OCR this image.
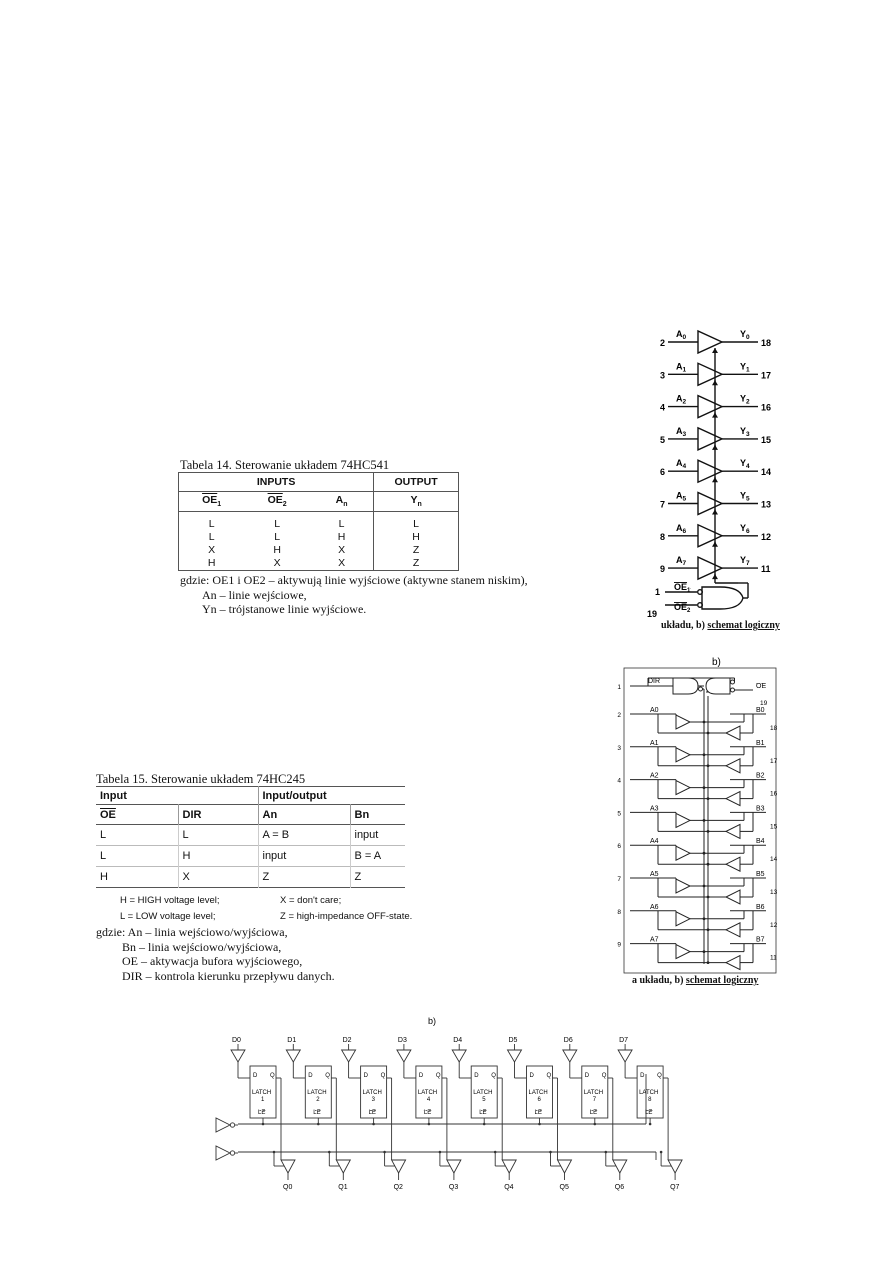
Tabela 14. Sterowanie układem 74HC541
INPUTS			OUTPUT
$\overline{OE}_1$	$\overline{OE}_2$	$A_n$	$Y_n$

L	L	L	L
L	L	H	H
X	H	X	Z
H	X	X	Z
gdzie: OE1 i OE2 – aktywują linie wyjściowe (aktywne stanem niskim),
An – linie wejściowe,
Yn – trójstanowe linie wyjściowe.
Tabela 15. Sterowanie układem 74HC245
Input		Input/output	
$\overline{OE}$	DIR	An	Bn
L	L	A = B	input
L	H	input	B = A
H	X	Z	Z
H = HIGH voltage level;	X = don't care;
L = LOW voltage level;	Z = high-impedance OFF-state.
gdzie: An – linia wejściowo/wyjściowa,
Bn – linia wejściowo/wyjściowa,
OE – aktywacja bufora wyjściowego,
DIR – kontrola kierunku przepływu danych.
2
$A_0$	$Y_0$
18
3
$A_1$	$Y_1$
17
4
$A_2$	$Y_2$
16
5
$A_3$	$Y_3$
15
6
$A_4$	$Y_4$
14
7
$A_5$	$Y_5$
13
8
$A_6$	$Y_6$
12
9
$A_7$	$Y_7$
11
1
19
$OE_1$
$OE_2$
układu, b) schemat logiczny
b)
DIR
1	OE
19
2
A0	B0
18
3
A1	B1
17
4
A2	B2
16
5
A3	B3
15
6
A4	B4
14
7
A5	B5
13
8
A6	B6
12
9
A7	B7
11
a układu, b) schemat logiczny
b)
D0
D Q
LATCH
1
LE
Q0
D1
D Q
LATCH
2
LE
Q1
D2
D Q
LATCH
3
LE
Q2
D3
D Q
LATCH
4
LE
Q3
D4
D Q
LATCH
5
LE
Q4
D5
D Q
LATCH
6
LE
Q5
D6
D Q
LATCH
7
LE
Q6
D7
D Q
LATCH
8
LE
Q7
